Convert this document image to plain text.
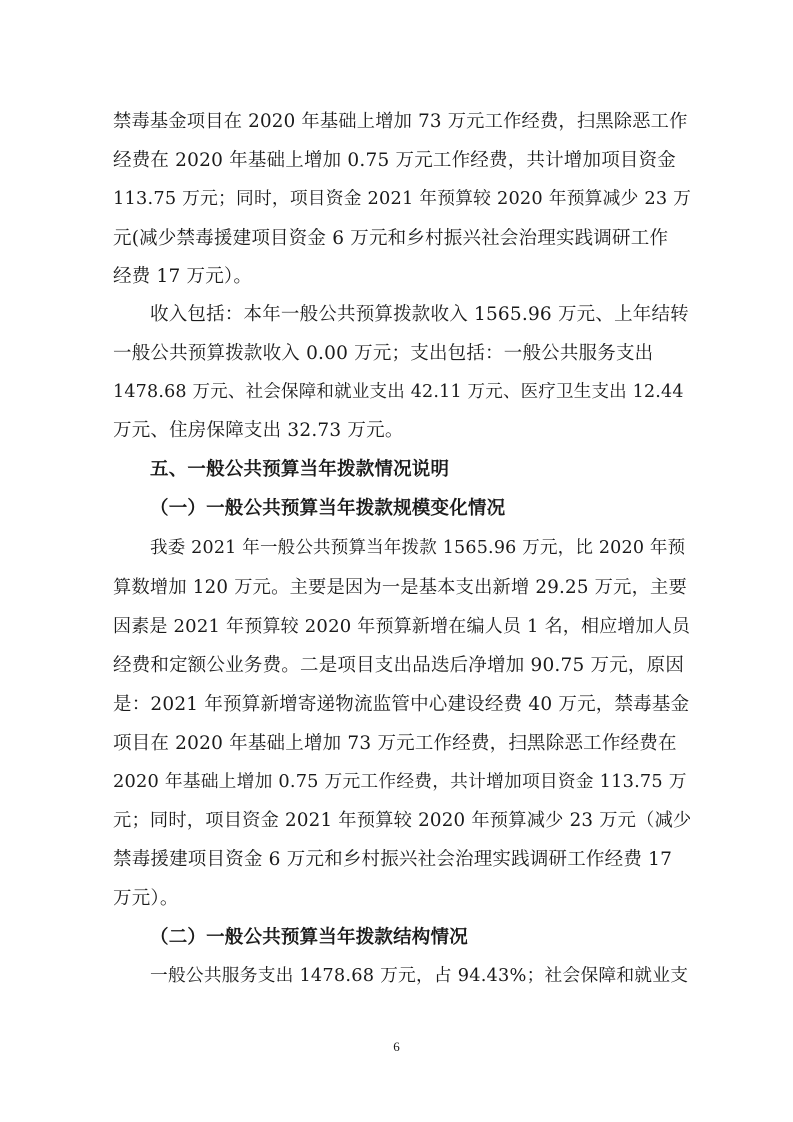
禁毒基金项目在 2020 年基础上增加 73 万元工作经费，扫黑除恶工作
经费在 2020 年基础上增加 0.75 万元工作经费，共计增加项目资金
113.75 万元；同时，项目资金 2021 年预算较 2020 年预算减少 23 万
元(减少禁毒援建项目资金 6 万元和乡村振兴社会治理实践调研工作
经费 17 万元）。
收入包括：本年一般公共预算拨款收入 1565.96 万元、上年结转
一般公共预算拨款收入 0.00 万元；支出包括：一般公共服务支出
1478.68 万元、社会保障和就业支出 42.11 万元、医疗卫生支出 12.44
万元、住房保障支出 32.73 万元。
五、一般公共预算当年拨款情况说明
（一）一般公共预算当年拨款规模变化情况
我委 2021 年一般公共预算当年拨款 1565.96 万元，比 2020 年预
算数增加 120 万元。主要是因为一是基本支出新增 29.25 万元，主要
因素是 2021 年预算较 2020 年预算新增在编人员 1 名，相应增加人员
经费和定额公业务费。二是项目支出品迭后净增加 90.75 万元，原因
是：2021 年预算新增寄递物流监管中心建设经费 40 万元，禁毒基金
项目在 2020 年基础上增加 73 万元工作经费，扫黑除恶工作经费在
2020 年基础上增加 0.75 万元工作经费，共计增加项目资金 113.75 万
元；同时，项目资金 2021 年预算较 2020 年预算减少 23 万元（减少
禁毒援建项目资金 6 万元和乡村振兴社会治理实践调研工作经费 17
万元）。
（二）一般公共预算当年拨款结构情况
一般公共服务支出 1478.68 万元，占 94.43%；社会保障和就业支
6
